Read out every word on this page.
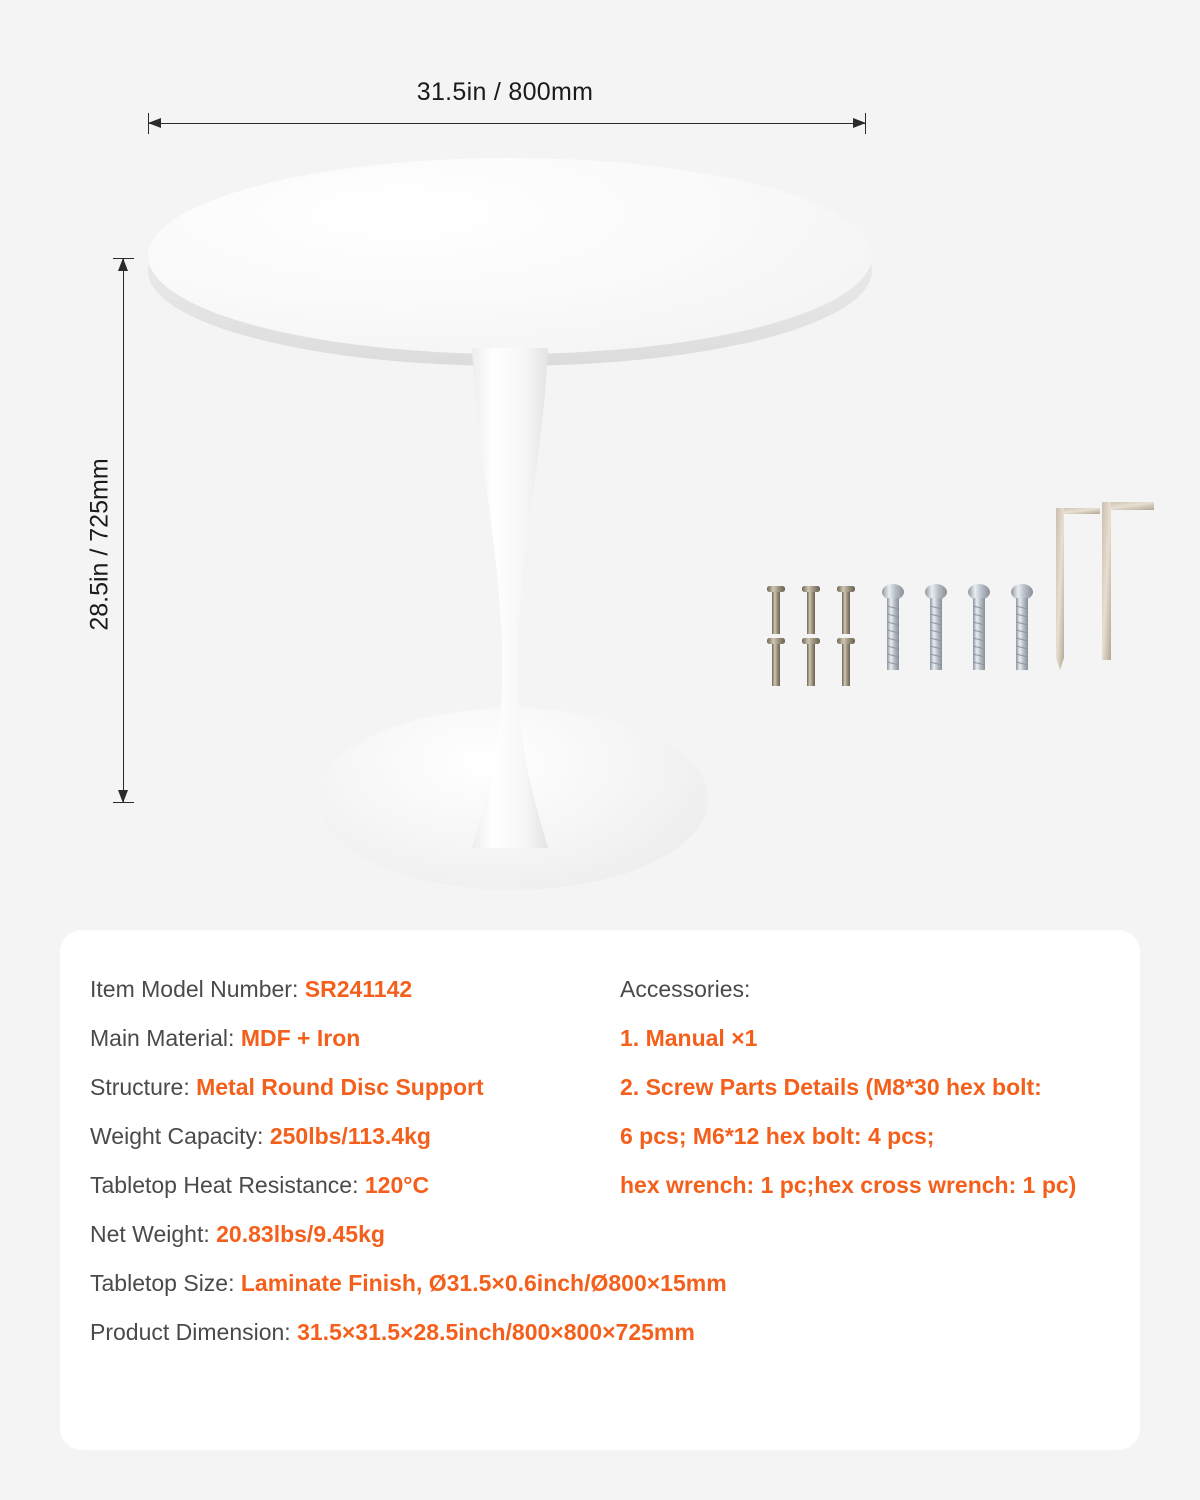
31.5in / 800mm
28.5in / 725mm
Item Model Number: SR241142
Main Material: MDF + Iron
Structure: Metal Round Disc Support
Weight Capacity: 250lbs/113.4kg
Tabletop Heat Resistance: 120°C
Net Weight: 20.83lbs/9.45kg
Tabletop Size: Laminate Finish, Ø31.5×0.6inch/Ø800×15mm
Product Dimension: 31.5×31.5×28.5inch/800×800×725mm
Accessories:
1. Manual ×1
2. Screw Parts Details (M8*30 hex bolt:
6 pcs; M6*12 hex bolt: 4 pcs;
hex wrench: 1 pc;hex cross wrench: 1 pc)
